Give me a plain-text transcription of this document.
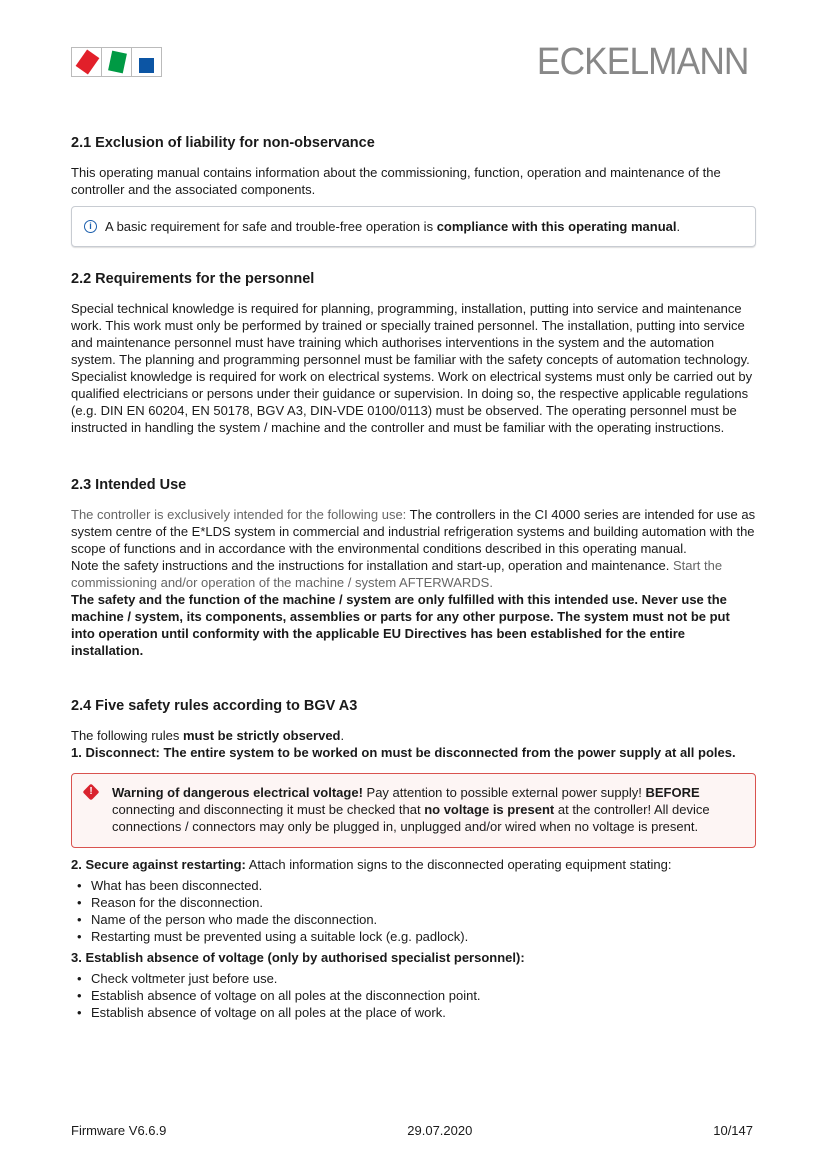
ECKELMANN
2.1 Exclusion of liability for non-observance

This operating manual contains information about the commissioning, function, operation and maintenance of the controller and the associated components.

i	A basic requirement for safe and trouble-free operation is compliance with this operating manual.
2.2 Requirements for the personnel

Special technical knowledge is required for planning, programming, installation, putting into service and maintenance work. This work must only be performed by trained or specially trained personnel. The installation, putting into service and maintenance personnel must have training which authorises interventions in the system and the automation system. The planning and programming personnel must be familiar with the safety concepts of automation technology. Specialist knowledge is required for work on electrical systems. Work on electrical systems must only be carried out by qualified electricians or persons under their guidance or supervision. In doing so, the respective applicable regulations (e.g. DIN EN 60204, EN 50178, BGV A3, DIN-VDE 0100/0113) must be observed. The operating personnel must be instructed in handling the system / machine and the controller and must be familiar with the operating instructions.

2.3 Intended Use

The controller is exclusively intended for the following use: The controllers in the CI 4000 series are intended for use as system centre of the E*LDS system in commercial and industrial refrigeration systems and building automation with the scope of functions and in accordance with the environmental conditions described in this operating manual.

Note the safety instructions and the instructions for installation and start-up, operation and maintenance. Start the commissioning and/or operation of the machine / system AFTERWARDS.

The safety and the function of the machine / system are only fulfilled with this intended use. Never use the machine / system, its components, assemblies or parts for any other purpose. The system must not be put into operation until conformity with the applicable EU Directives has been established for the entire installation.

2.4 Five safety rules according to BGV A3

The following rules must be strictly observed.

1. Disconnect: The entire system to be worked on must be disconnected from the power supply at all poles.

!	Warning of dangerous electrical voltage! Pay attention to possible external power supply! BEFORE connecting and disconnecting it must be checked that no voltage is present at the controller! All device connections / connectors may only be plugged in, unplugged and/or wired when no voltage is present.

2. Secure against restarting: Attach information signs to the disconnected operating equipment stating:

• What has been disconnected.
• Reason for the disconnection.
• Name of the person who made the disconnection.
• Restarting must be prevented using a suitable lock (e.g. padlock).

3. Establish absence of voltage (only by authorised specialist personnel):

• Check voltmeter just before use.
• Establish absence of voltage on all poles at the disconnection point.
• Establish absence of voltage on all poles at the place of work.
Firmware V6.6.9	29.07.2020	10/147
